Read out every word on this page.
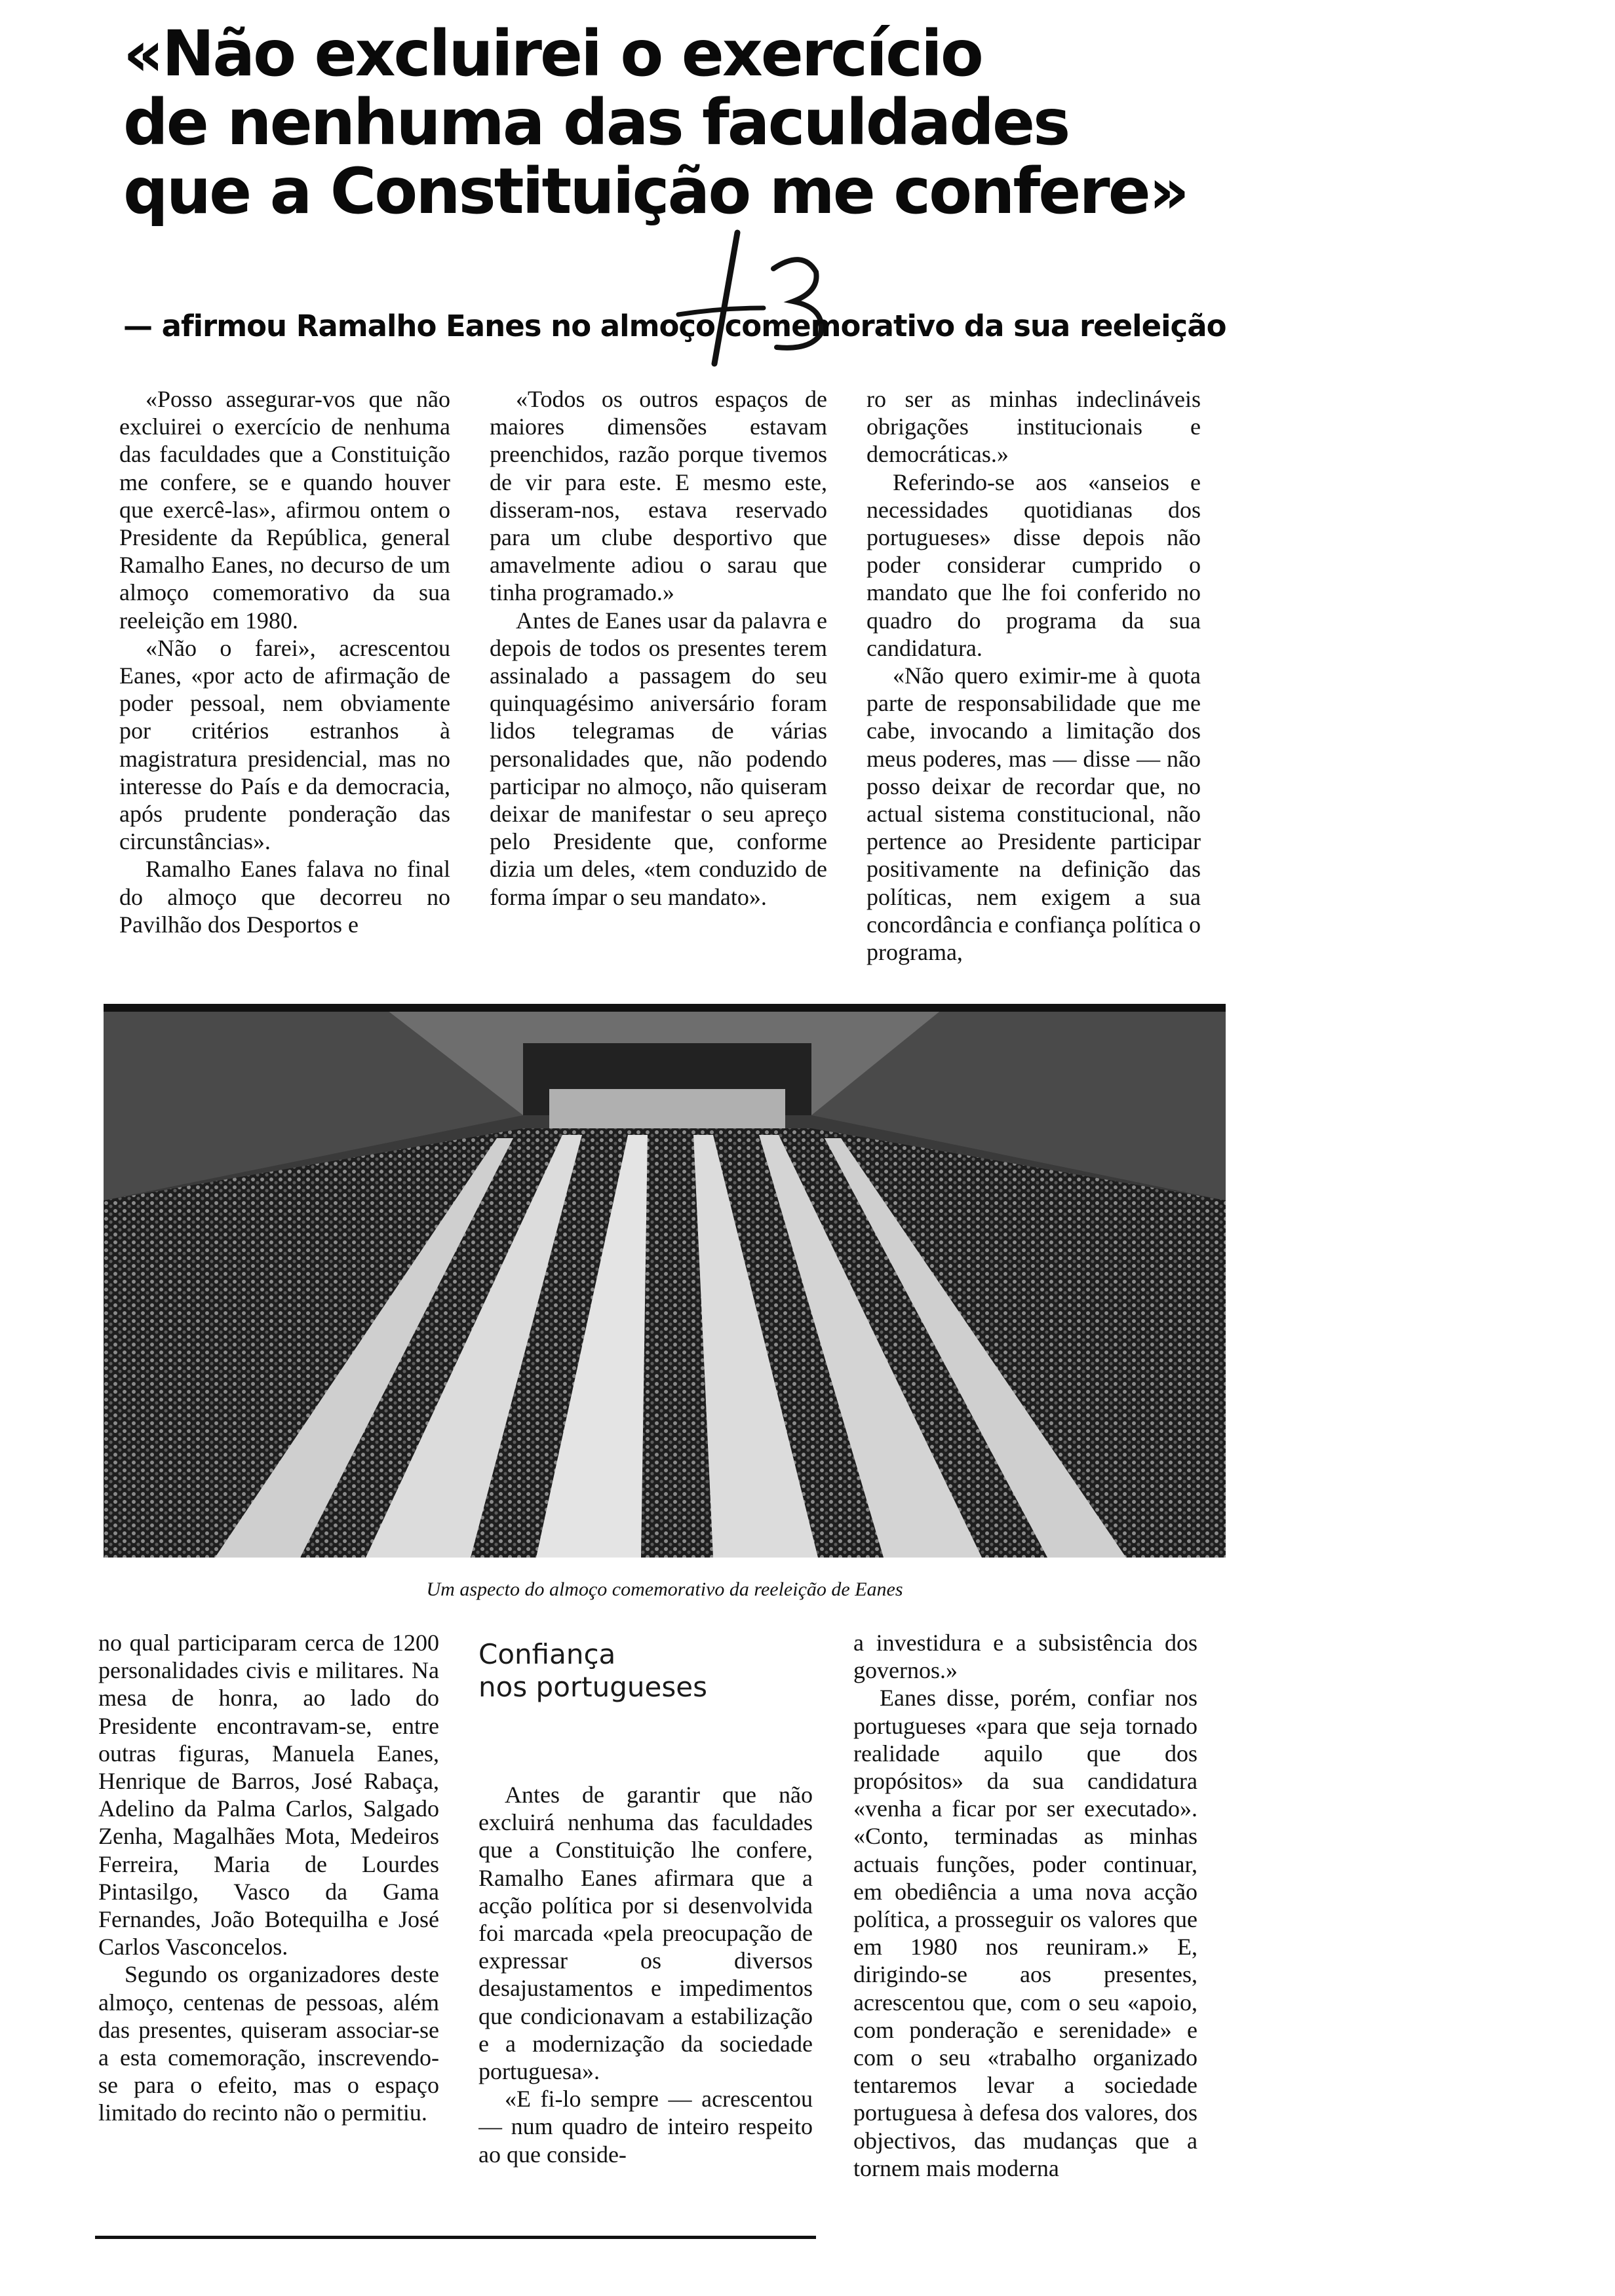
«Não excluirei o exercício
de nenhuma das faculdades
que a Constituição me confere»
— afirmou Ramalho Eanes no almoço comemorativo da sua reeleição

«Posso assegurar-vos que não excluirei o exercício de nenhuma das faculdades que a Constituição me confere, se e quando houver que exercê-las», afirmou ontem o Presidente da República, general Ramalho Eanes, no decurso de um almoço comemorativo da sua reeleição em 1980.

«Não o farei», acrescentou Eanes, «por acto de afirmação de poder pessoal, nem obviamente por critérios estranhos à magistratura presidencial, mas no interesse do País e da democracia, após prudente ponderação das circunstâncias».

Ramalho Eanes falava no final do almoço que decorreu no Pavilhão dos Desportos e

«Todos os outros espaços de maiores dimensões estavam preenchidos, razão porque tivemos de vir para este. E mesmo este, disseram-nos, estava reservado para um clube desportivo que amavelmente adiou o sarau que tinha programado.»

Antes de Eanes usar da palavra e depois de todos os presentes terem assinalado a passagem do seu quinquagésimo aniversário foram lidos telegramas de várias personalidades que, não podendo participar no almoço, não quiseram deixar de manifestar o seu apreço pelo Presidente que, conforme dizia um deles, «tem conduzido de forma ímpar o seu mandato».

ro ser as minhas indeclináveis obrigações institucionais e democráticas.»

Referindo-se aos «anseios e necessidades quotidianas dos portugueses» disse depois não poder considerar cumprido o mandato que lhe foi conferido no quadro do programa da sua candidatura.

«Não quero eximir-me à quota parte de responsabilidade que me cabe, invocando a limitação dos meus poderes, mas — disse — não posso deixar de recordar que, no actual sistema constitucional, não pertence ao Presidente participar positivamente na definição das políticas, nem exigem a sua concordância e confiança política o programa,

Um aspecto do almoço comemorativo da reeleição de Eanes

no qual participaram cerca de 1200 personalidades civis e militares. Na mesa de honra, ao lado do Presidente encontravam-se, entre outras figuras, Manuela Eanes, Henrique de Barros, José Rabaça, Adelino da Palma Carlos, Salgado Zenha, Magalhães Mota, Medeiros Ferreira, Maria de Lourdes Pintasilgo, Vasco da Gama Fernandes, João Botequilha e José Carlos Vasconcelos.

Segundo os organizadores deste almoço, centenas de pessoas, além das presentes, quiseram associar-se a esta comemoração, inscrevendo-se para o efeito, mas o espaço limitado do recinto não o permitiu.

Confiança
nos portugueses

Antes de garantir que não excluirá nenhuma das faculdades que a Constituição lhe confere, Ramalho Eanes afirmara que a acção política por si desenvolvida foi marcada «pela preocupação de expressar os diversos desajustamentos e impedimentos que condicionavam a estabilização e a modernização da sociedade portuguesa».

«E fi-lo sempre — acrescentou — num quadro de inteiro respeito ao que conside-

a investidura e a subsistência dos governos.»

Eanes disse, porém, confiar nos portugueses «para que seja tornado realidade aquilo que dos propósitos» da sua candidatura «venha a ficar por ser executado». «Conto, terminadas as minhas actuais funções, poder continuar, em obediência a uma nova acção política, a prosseguir os valores que em 1980 nos reuniram.» E, dirigindo-se aos presentes, acrescentou que, com o seu «apoio, com ponderação e serenidade» e com o seu «trabalho organizado tentaremos levar a sociedade portuguesa à defesa dos valores, dos objectivos, das mudanças que a tornem mais moderna
